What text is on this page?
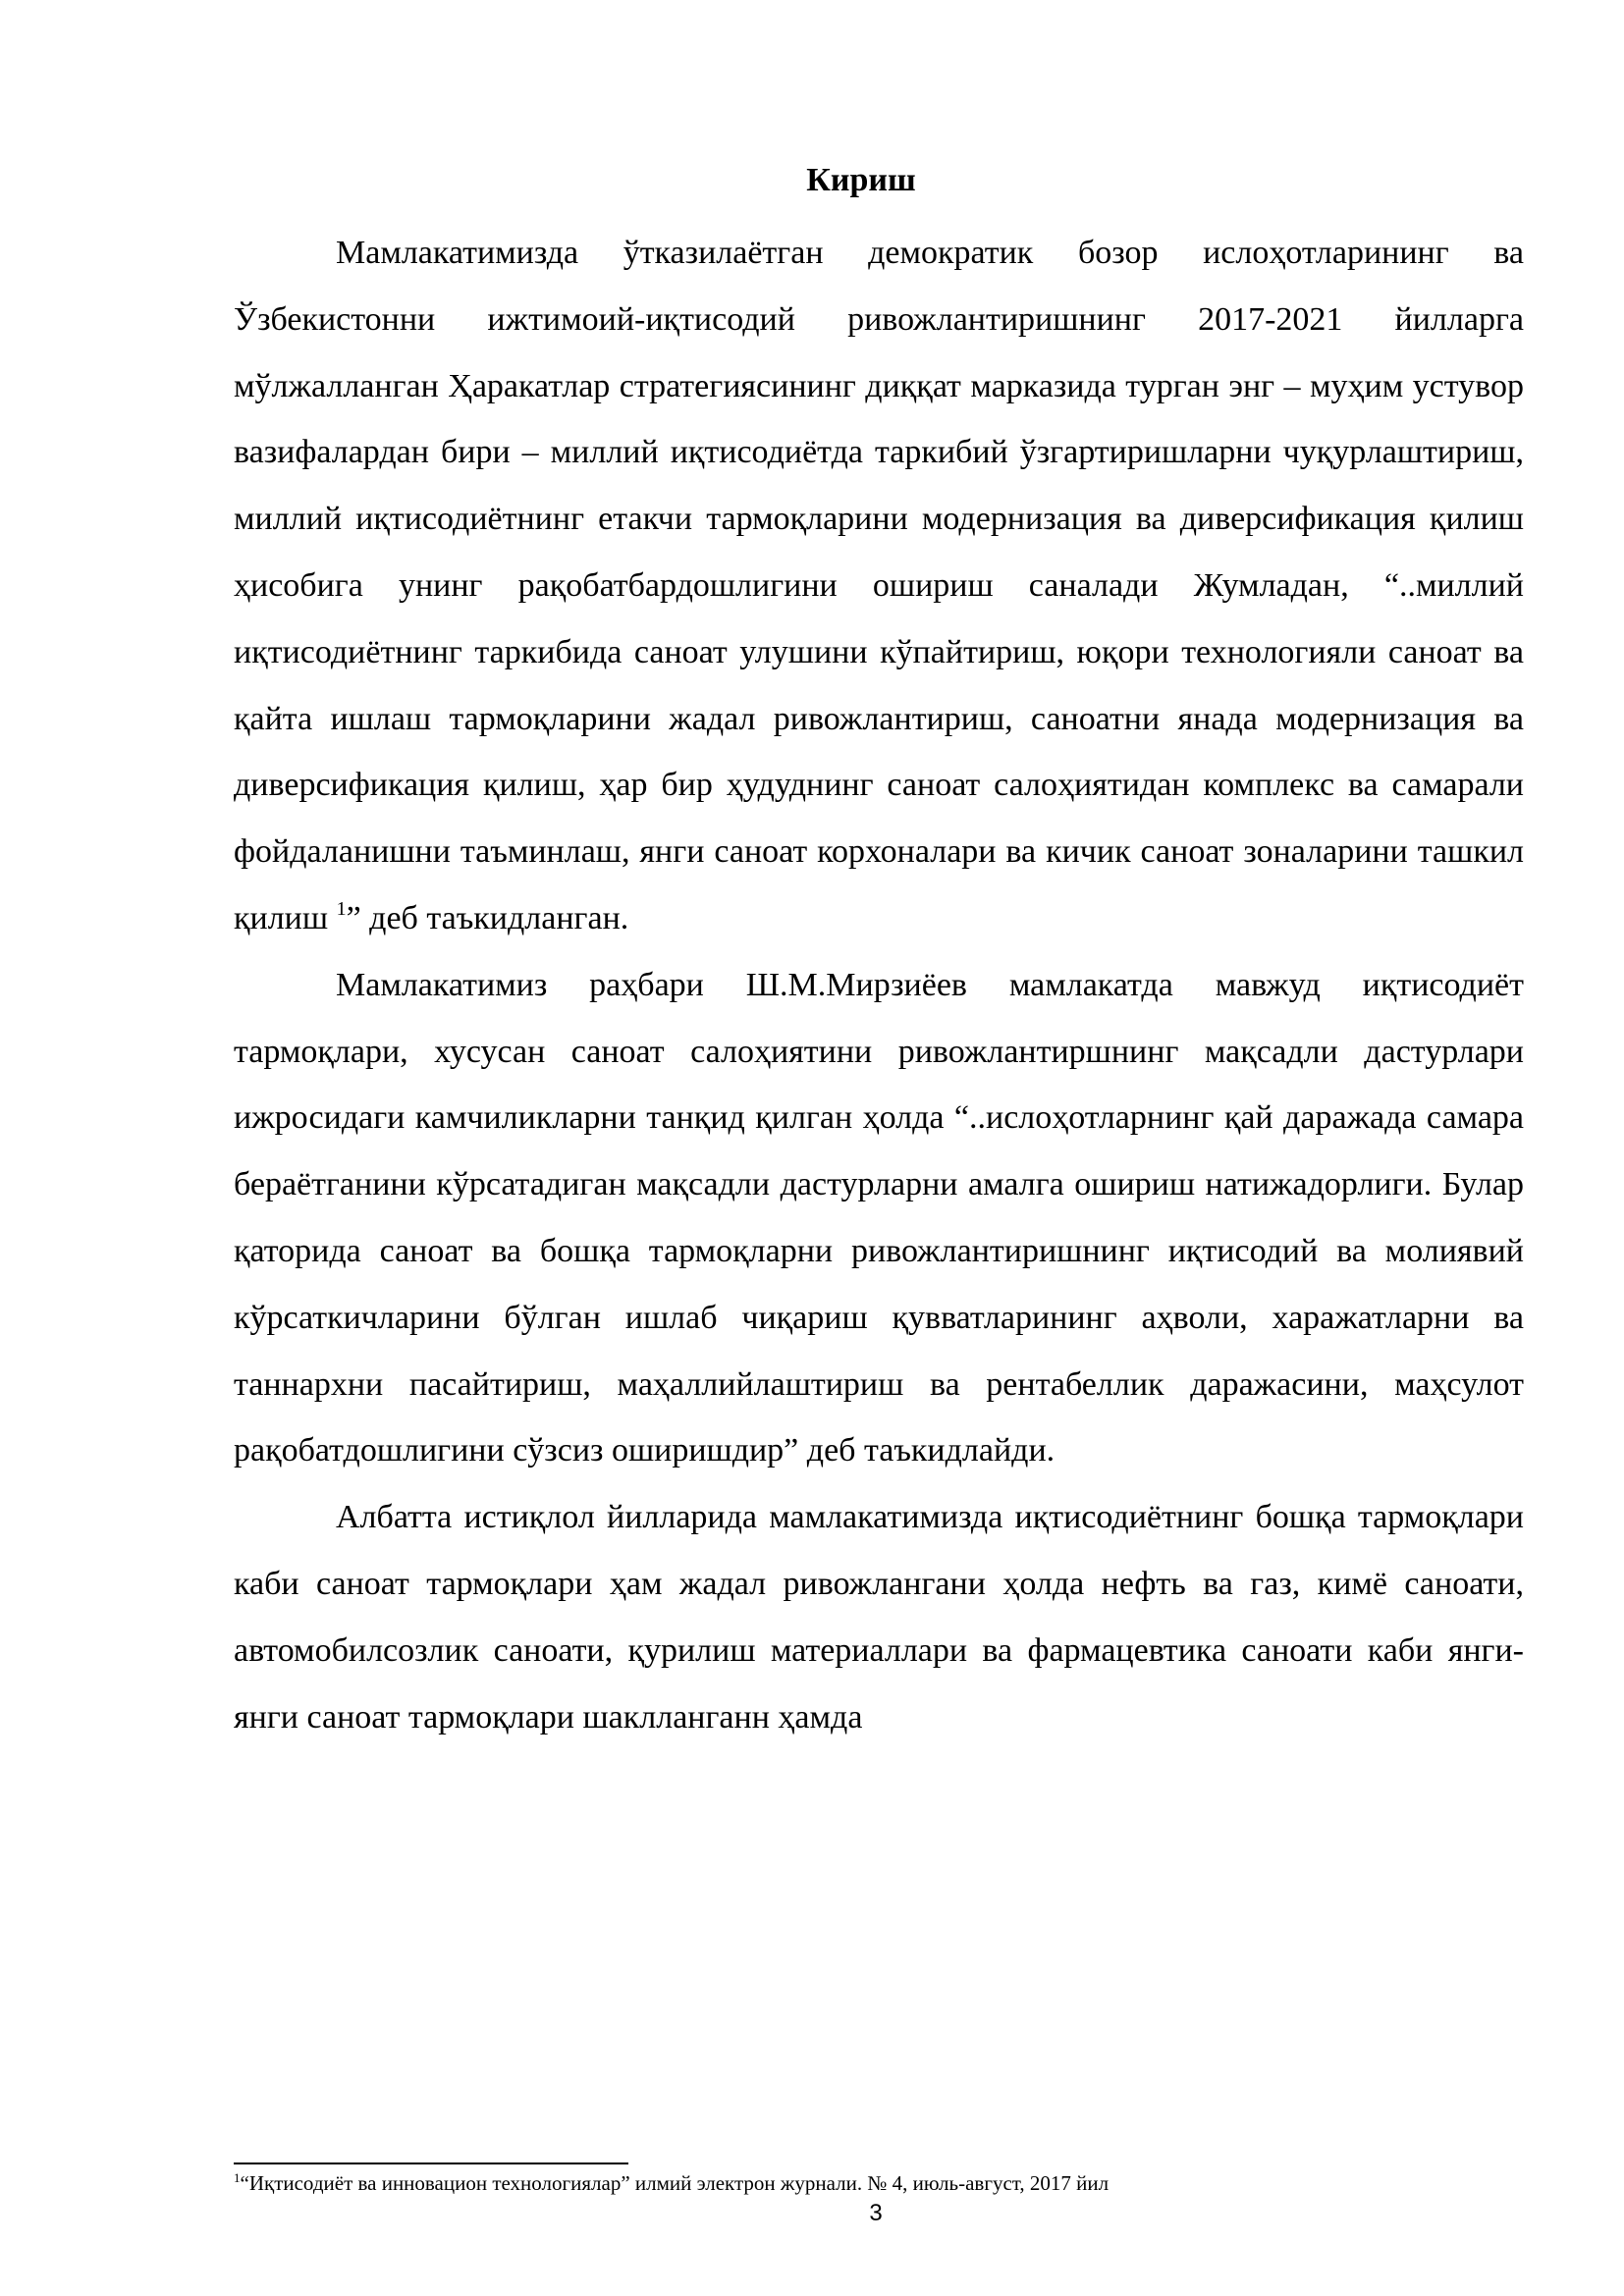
Кириш

Мамлакатимизда ўтказилаётган демократик бозор ислоҳотларининг ва Ўзбекистонни ижтимоий-иқтисодий ривожлантиришнинг 2017-2021 йилларга мўлжалланган Ҳаракатлар стратегиясининг диққат марказида турган энг – муҳим устувор вазифалардан бири – миллий иқтисодиётда таркибий ўзгартиришларни чуқурлаштириш, миллий иқтисодиётнинг етакчи тармоқларини модернизация ва диверсификация қилиш ҳисобига унинг рақобатбардошлигини ошириш саналади Жумладан, “..миллий иқтисодиётнинг таркибида саноат улушини кўпайтириш, юқори технологияли саноат ва қайта ишлаш тармоқларини жадал ривожлантириш, саноатни янада модернизация ва диверсификация қилиш, ҳар бир ҳудуднинг саноат салоҳиятидан комплекс ва самарали фойдаланишни таъминлаш, янги саноат корхоналари ва кичик саноат зоналарини ташкил қилиш $^1$” деб таъкидланган.

Мамлакатимиз раҳбари Ш.М.Мирзиёев мамлакатда мавжуд иқтисодиёт тармоқлари, хусусан саноат салоҳиятини ривожлантиршнинг мақсадли дастурлари ижросидаги камчиликларни танқид қилган ҳолда “..ислоҳотларнинг қай даражада самара бераётганини кўрсатадиган мақсадли дастурларни амалга ошириш натижадорлиги. Булар қаторида саноат ва бошқа тармоқларни ривожлантиришнинг иқтисодий ва молиявий кўрсаткичларини бўлган ишлаб чиқариш қувватларининг аҳволи, харажатларни ва таннархни пасайтириш, маҳаллийлаштириш ва рентабеллик даражасини, маҳсулот рақобатдошлигини сўзсиз оширишдир” деб таъкидлайди.

Албатта истиқлол йилларида мамлакатимизда иқтисодиётнинг бошқа тармоқлари каби саноат тармоқлари ҳам жадал ривожлангани ҳолда нефть ва газ, кимё саноати, автомобилсозлик саноати, қурилиш материаллари ва фармацевтика саноати каби янги-янги саноат тармоқлари шаклланганн ҳамда

$^1$“Иқтисодиёт ва инновацион технологиялар” илмий электрон журнали. № 4, июль-август, 2017 йил
3
